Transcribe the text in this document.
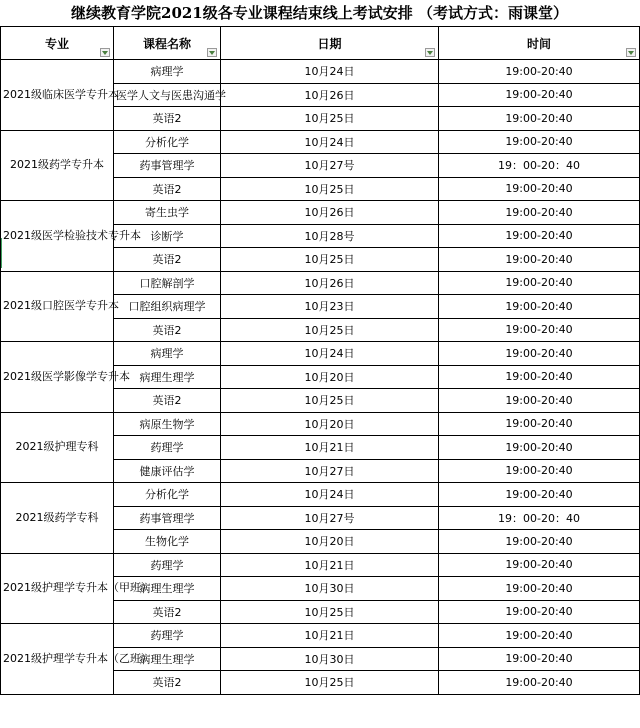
继续教育学院2021级各专业课程结束线上考试安排 （考试方式：雨课堂）
专业	课程名称	日期	时间

2021级临床医学专升本	病理学	10月24日	19:00-20:40
	医学人文与医患沟通学	10月26日	19:00-20:40
	英语2	10月25日	19:00-20:40
2021级药学专升本	分析化学	10月24日	19:00-20:40
	药事管理学	10月27号	19：00-20：40
	英语2	10月25日	19:00-20:40
2021级医学检验技术专升本	寄生虫学	10月26日	19:00-20:40
	诊断学	10月28号	19:00-20:40
	英语2	10月25日	19:00-20:40
2021级口腔医学专升本	口腔解剖学	10月26日	19:00-20:40
	口腔组织病理学	10月23日	19:00-20:40
	英语2	10月25日	19:00-20:40
2021级医学影像学专升本	病理学	10月24日	19:00-20:40
	病理生理学	10月20日	19:00-20:40
	英语2	10月25日	19:00-20:40
2021级护理专科	病原生物学	10月20日	19:00-20:40
	药理学	10月21日	19:00-20:40
	健康评估学	10月27日	19:00-20:40
2021级药学专科	分析化学	10月24日	19:00-20:40
	药事管理学	10月27号	19：00-20：40
	生物化学	10月20日	19:00-20:40
2021级护理学专升本（甲班）	药理学	10月21日	19:00-20:40
	病理生理学	10月30日	19:00-20:40
	英语2	10月25日	19:00-20:40
2021级护理学专升本（乙班）	药理学	10月21日	19:00-20:40
	病理生理学	10月30日	19:00-20:40
	英语2	10月25日	19:00-20:40
